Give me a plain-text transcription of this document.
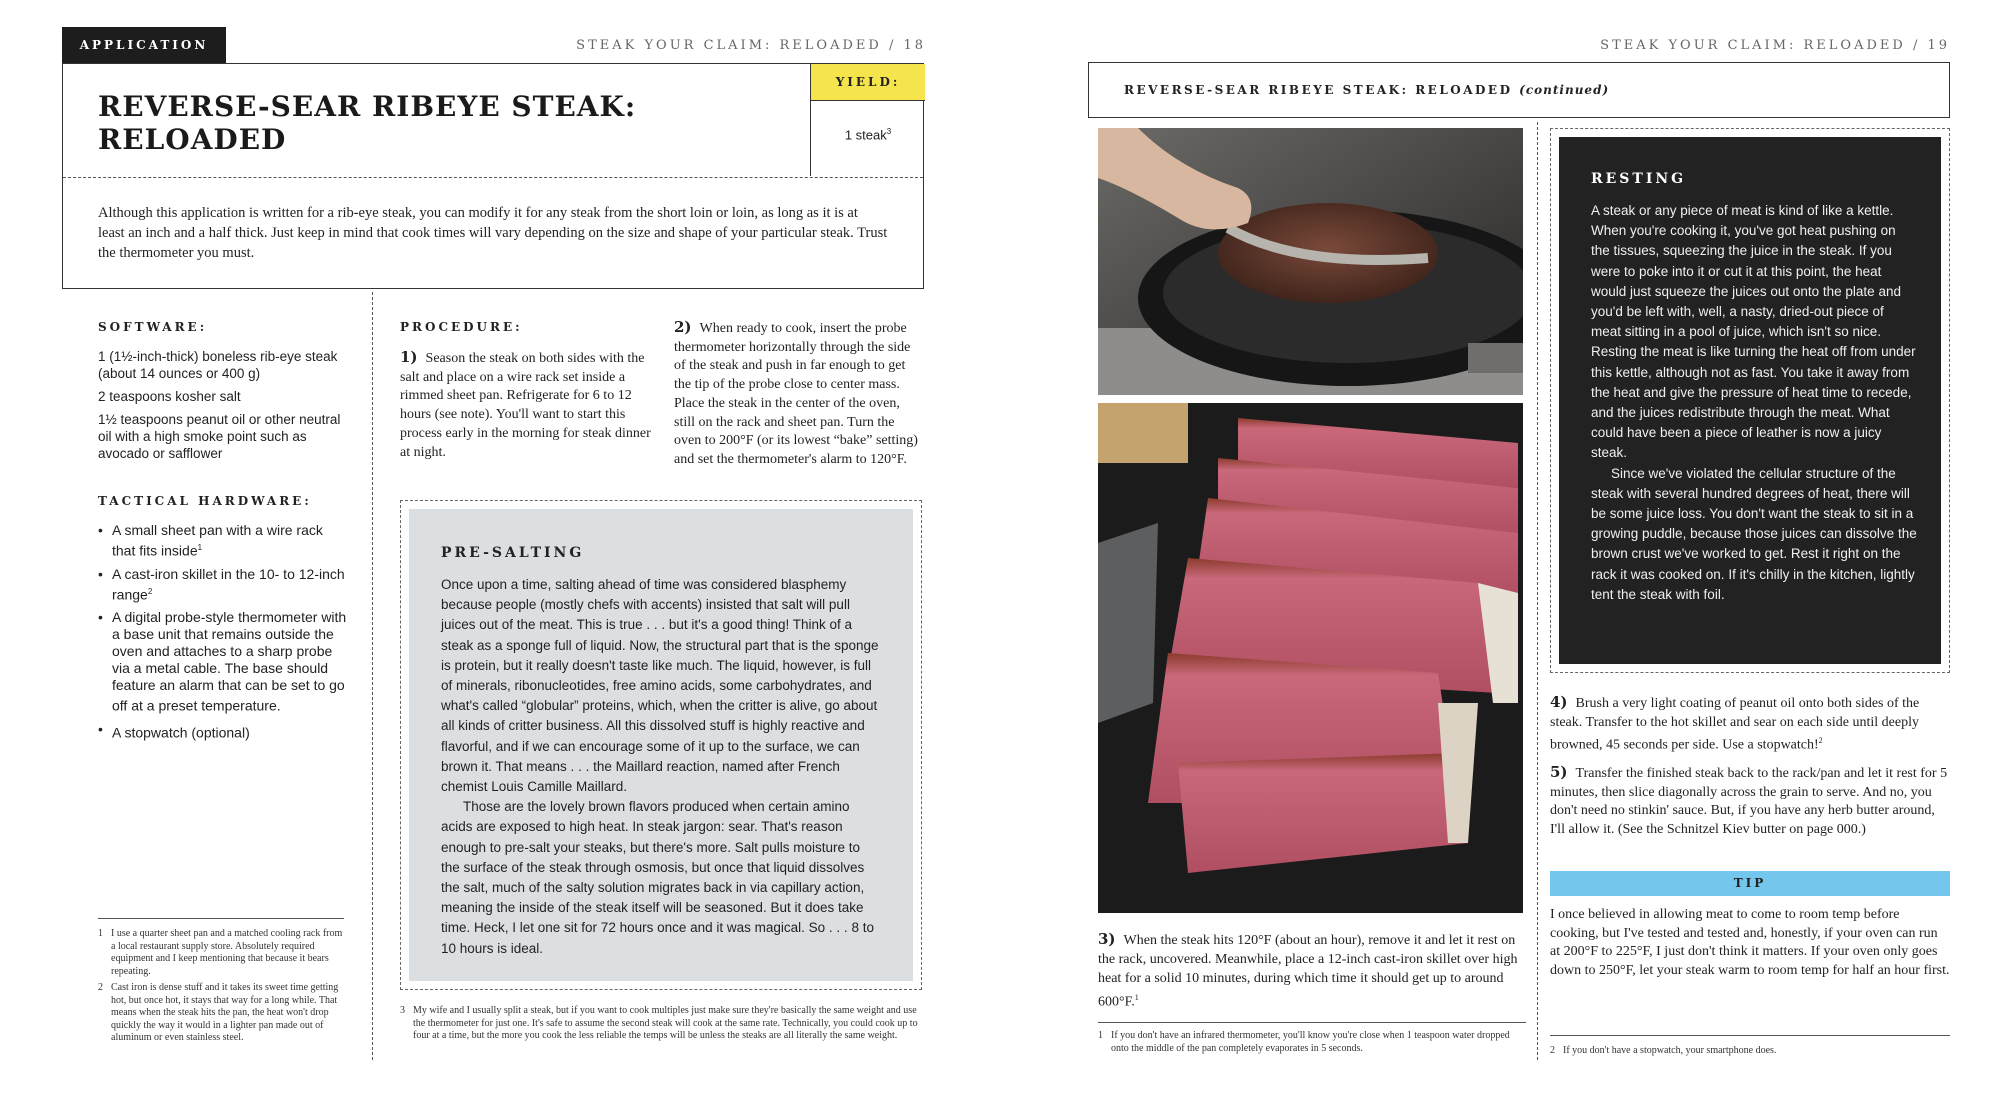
APPLICATION	STEAK YOUR CLAIM: RELOADED / 18
REVERSE-SEAR RIBEYE STEAK:
RELOADED
YIELD:
1 steak$^3$

Although this application is written for a rib-eye steak, you can modify it for any steak from the short loin or loin, as long as it is at least an inch and a half thick. Just keep in mind that cook times will vary depending on the size and shape of your particular steak. Trust the thermometer you must.

SOFTWARE:

1 (1½-inch-thick) boneless rib-eye steak (about 14 ounces or 400 g)

2 teaspoons kosher salt

1½ teaspoons peanut oil or other neutral oil with a high smoke point such as avocado or safflower

TACTICAL HARDWARE:
• A small sheet pan with a wire rack that fits inside$^1$
• A cast-iron skillet in the 10- to 12-inch range$^2$
• A digital probe-style thermometer with a base unit that remains outside the oven and attaches to a sharp probe via a metal cable. The base should feature an alarm that can be set to go off at a preset temperature.
• A stopwatch (optional)
1 I use a quarter sheet pan and a matched cooling rack from a local restaurant supply store. Absolutely required equipment and I keep mentioning that because it bears repeating.
2 Cast iron is dense stuff and it takes its sweet time getting hot, but once hot, it stays that way for a long while. That means when the steak hits the pan, the heat won't drop quickly the way it would in a lighter pan made out of aluminum or even stainless steel.
PROCEDURE:

1) Season the steak on both sides with the salt and place on a wire rack set inside a rimmed sheet pan. Refrigerate for 6 to 12 hours (see note). You'll want to start this process early in the morning for steak dinner at night.

2) When ready to cook, insert the probe thermometer horizontally through the side of the steak and push in far enough to get the tip of the probe close to center mass. Place the steak in the center of the oven, still on the rack and sheet pan. Turn the oven to 200°F (or its lowest “bake” setting) and set the thermometer's alarm to 120°F.

PRE-SALTING

Once upon a time, salting ahead of time was considered blasphemy because people (mostly chefs with accents) insisted that salt will pull juices out of the meat. This is true . . . but it's a good thing! Think of a steak as a sponge full of liquid. Now, the structural part that is the sponge is protein, but it really doesn't taste like much. The liquid, however, is full of minerals, ribonucleotides, free amino acids, some carbohydrates, and what's called “globular” proteins, which, when the critter is alive, go about all kinds of critter business. All this dissolved stuff is highly reactive and flavorful, and if we can encourage some of it up to the surface, we can brown it. That means . . . the Maillard reaction, named after French chemist Louis Camille Maillard.

Those are the lovely brown flavors produced when certain amino acids are exposed to high heat. In steak jargon: sear. That's reason enough to pre-salt your steaks, but there's more. Salt pulls moisture to the surface of the steak through osmosis, but once that liquid dissolves the salt, much of the salty solution migrates back in via capillary action, meaning the inside of the steak itself will be seasoned. But it does take time. Heck, I let one sit for 72 hours once and it was magical. So . . . 8 to 10 hours is ideal.

3 My wife and I usually split a steak, but if you want to cook multiples just make sure they're basically the same weight and use the thermometer for just one. It's safe to assume the second steak will cook at the same rate. Technically, you could cook up to four at a time, but the more you cook the less reliable the temps will be unless the steaks are all literally the same weight.
STEAK YOUR CLAIM: RELOADED / 19
REVERSE-SEAR RIBEYE STEAK: RELOADED (continued)
RESTING

A steak or any piece of meat is kind of like a kettle. When you're cooking it, you've got heat pushing on the tissues, squeezing the juice in the steak. If you were to poke into it or cut it at this point, the heat would just squeeze the juices out onto the plate and you'd be left with, well, a nasty, dried-out piece of meat sitting in a pool of juice, which isn't so nice. Resting the meat is like turning the heat off from under this kettle, although not as fast. You take it away from the heat and give the pressure of heat time to recede, and the juices redistribute through the meat. What could have been a piece of leather is now a juicy steak.

Since we've violated the cellular structure of the steak with several hundred degrees of heat, there will be some juice loss. You don't want the steak to sit in a growing puddle, because those juices can dissolve the brown crust we've worked to get. Rest it right on the rack it was cooked on. If it's chilly in the kitchen, lightly tent the steak with foil.

3) When the steak hits 120°F (about an hour), remove it and let it rest on the rack, uncovered. Meanwhile, place a 12-inch cast-iron skillet over high heat for a solid 10 minutes, during which time it should get up to around 600°F.$^1$

4) Brush a very light coating of peanut oil onto both sides of the steak. Transfer to the hot skillet and sear on each side until deeply browned, 45 seconds per side. Use a stopwatch!$^2$

5) Transfer the finished steak back to the rack/pan and let it rest for 5 minutes, then slice diagonally across the grain to serve. And no, you don't need no stinkin' sauce. But, if you have any herb butter around, I'll allow it. (See the Schnitzel Kiev butter on page 000.)

TIP

I once believed in allowing meat to come to room temp before cooking, but I've tested and tested and, honestly, if your oven can run at 200°F to 225°F, I just don't think it matters. If your oven only goes down to 250°F, let your steak warm to room temp for half an hour first.

1 If you don't have an infrared thermometer, you'll know you're close when 1 teaspoon water dropped onto the middle of the pan completely evaporates in 5 seconds.	2 If you don't have a stopwatch, your smartphone does.
